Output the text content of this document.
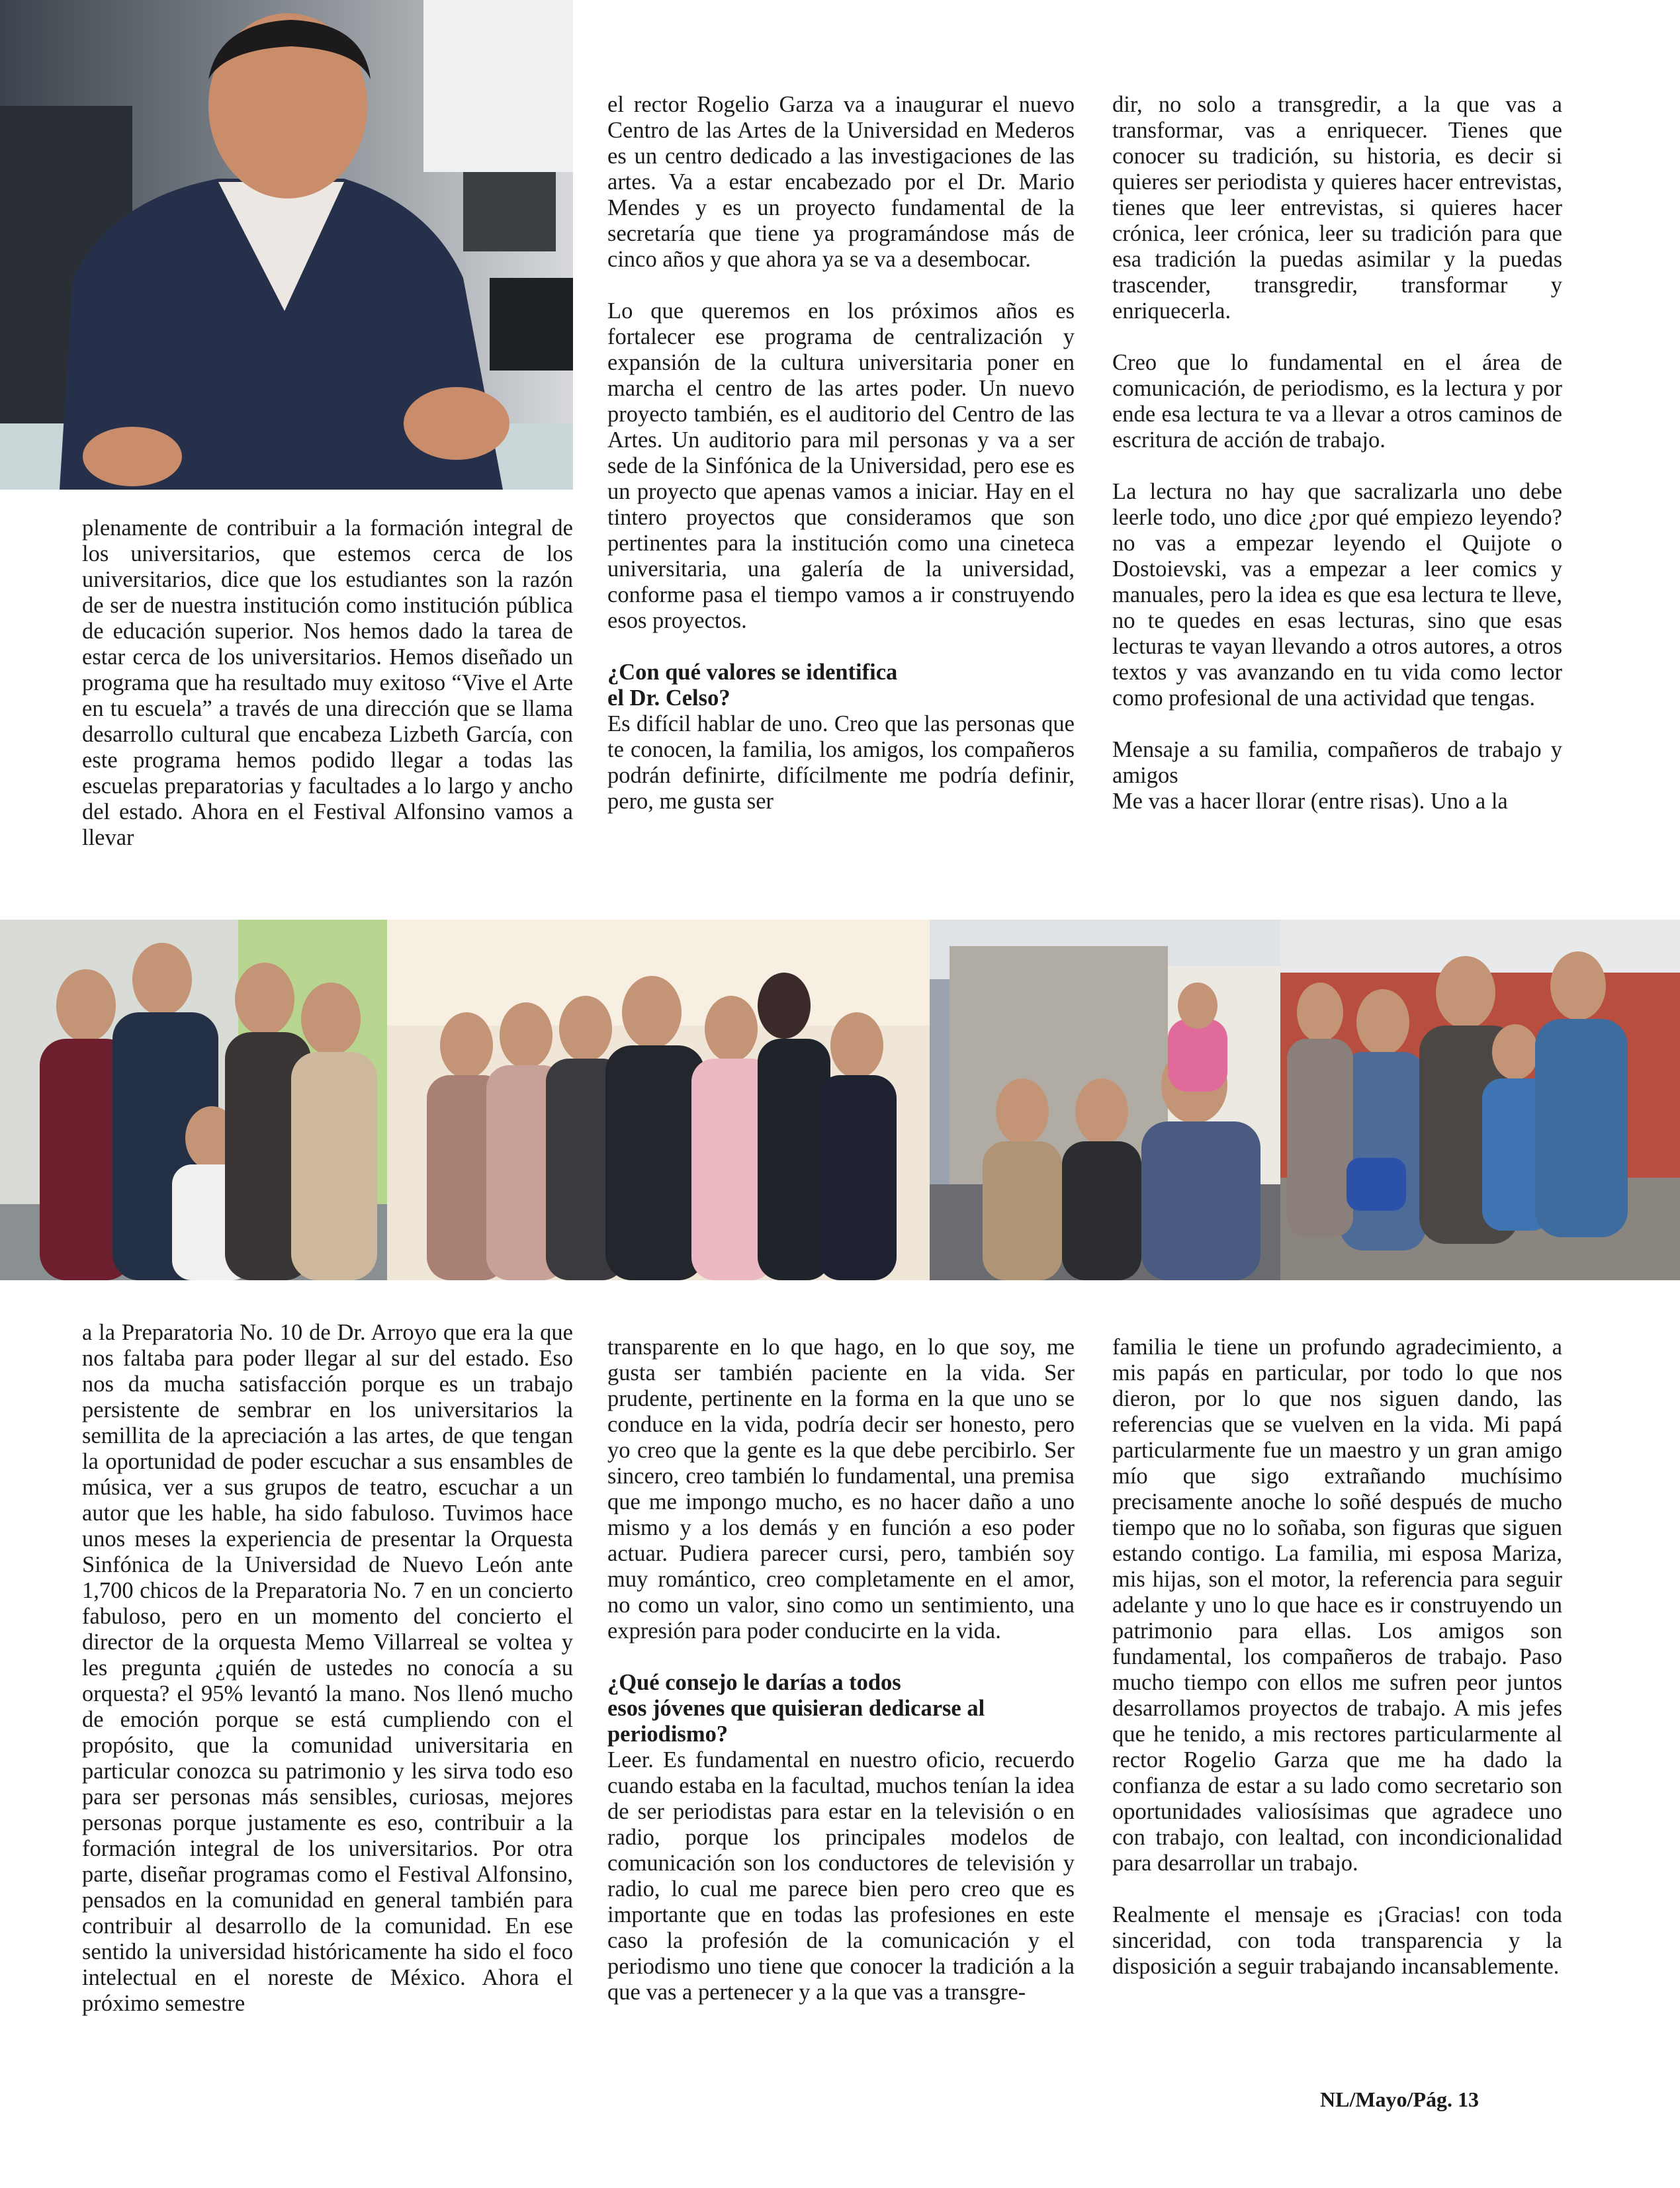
plenamente de contribuir a la formación integral de los universitarios, que estemos cerca de los universitarios, dice que los estudiantes son la razón de ser de nuestra institución como institución pública de educación superior. Nos hemos dado la tarea de estar cerca de los universitarios. Hemos diseñado un programa que ha resultado muy exitoso “Vive el Arte en tu escuela” a través de una dirección que se llama desarrollo cultural que encabeza Lizbeth García, con este programa hemos podido llegar a todas las escuelas preparatorias y facultades a lo largo y ancho del estado. Ahora en el Festival Alfonsino vamos a llevar

el rector Rogelio Garza va a inaugurar el nuevo Centro de las Artes de la Universidad en Mederos es un centro dedicado a las investigaciones de las artes. Va a estar encabezado por el Dr. Mario Mendes y es un proyecto fundamental de la secretaría que tiene ya programándose más de cinco años y que ahora ya se va a desembocar.

Lo que queremos en los próximos años es fortalecer ese programa de centralización y expansión de la cultura universitaria poner en marcha el centro de las artes poder. Un nuevo proyecto también, es el auditorio del Centro de las Artes. Un auditorio para mil personas y va a ser sede de la Sinfónica de la Universidad, pero ese es un proyecto que apenas vamos a iniciar. Hay en el tintero proyectos que consideramos que son pertinentes para la institución como una cineteca universitaria, una galería de la universidad, conforme pasa el tiempo vamos a ir construyendo esos proyectos.

¿Con qué valores se identifica
el Dr. Celso?

Es difícil hablar de uno. Creo que las personas que te conocen, la familia, los amigos, los compañeros podrán definirte, difícilmente me podría definir, pero, me gusta ser

dir, no solo a transgredir, a la que vas a transformar, vas a enriquecer. Tienes que conocer su tradición, su historia, es decir si quieres ser periodista y quieres hacer entrevistas, tienes que leer entrevistas, si quieres hacer crónica, leer crónica, leer su tradición para que esa tradición la puedas asimilar y la puedas trascender, transgredir, transformar y enriquecerla.

Creo que lo fundamental en el área de comunicación, de periodismo, es la lectura y por ende esa lectura te va a llevar a otros caminos de escritura de acción de trabajo.

La lectura no hay que sacralizarla uno debe leerle todo, uno dice ¿por qué empiezo leyendo? no vas a empezar leyendo el Quijote o Dostoievski, vas a empezar a leer comics y manuales, pero la idea es que esa lectura te lleve, no te quedes en esas lecturas, sino que esas lecturas te vayan llevando a otros autores, a otros textos y vas avanzando en tu vida como lector como profesional de una actividad que tengas.

Mensaje a su familia, compañeros de trabajo y amigos

Me vas a hacer llorar (entre risas). Uno a la

a la Preparatoria No. 10 de Dr. Arroyo que era la que nos faltaba para poder llegar al sur del estado. Eso nos da mucha satisfacción porque es un trabajo persistente de sembrar en los universitarios la semillita de la apreciación a las artes, de que tengan la oportunidad de poder escuchar a sus ensambles de música, ver a sus grupos de teatro, escuchar a un autor que les hable, ha sido fabuloso. Tuvimos hace unos meses la experiencia de presentar la Orquesta Sinfónica de la Universidad de Nuevo León ante 1,700 chicos de la Preparatoria No. 7 en un concierto fabuloso, pero en un momento del concierto el director de la orquesta Memo Villarreal se voltea y les pregunta ¿quién de ustedes no conocía a su orquesta? el 95% levantó la mano. Nos llenó mucho de emoción porque se está cumpliendo con el propósito, que la comunidad universitaria en particular conozca su patrimonio y les sirva todo eso para ser personas más sensibles, curiosas, mejores personas porque justamente es eso, contribuir a la formación integral de los universitarios. Por otra parte, diseñar programas como el Festival Alfonsino, pensados en la comunidad en general también para contribuir al desarrollo de la comunidad. En ese sentido la universidad históricamente ha sido el foco intelectual en el noreste de México. Ahora el próximo semestre

transparente en lo que hago, en lo que soy, me gusta ser también paciente en la vida. Ser prudente, pertinente en la forma en la que uno se conduce en la vida, podría decir ser honesto, pero yo creo que la gente es la que debe percibirlo. Ser sincero, creo también lo fundamental, una premisa que me impongo mucho, es no hacer daño a uno mismo y a los demás y en función a eso poder actuar. Pudiera parecer cursi, pero, también soy muy romántico, creo completamente en el amor, no como un valor, sino como un sentimiento, una expresión para poder conducirte en la vida.

¿Qué consejo le darías a todos
esos jóvenes que quisieran dedicarse al
periodismo?

Leer. Es fundamental en nuestro oficio, recuerdo cuando estaba en la facultad, muchos tenían la idea de ser periodistas para estar en la televisión o en radio, porque los principales modelos de comunicación son los conductores de televisión y radio, lo cual me parece bien pero creo que es importante que en todas las profesiones en este caso la profesión de la comunicación y el periodismo uno tiene que conocer la tradición a la que vas a pertenecer y a la que vas a transgre-

familia le tiene un profundo agradecimiento, a mis papás en particular, por todo lo que nos dieron, por lo que nos siguen dando, las referencias que se vuelven en la vida. Mi papá particularmente fue un maestro y un gran amigo mío que sigo extrañando muchísimo precisamente anoche lo soñé después de mucho tiempo que no lo soñaba, son figuras que siguen estando contigo. La familia, mi esposa Mariza, mis hijas, son el motor, la referencia para seguir adelante y uno lo que hace es ir construyendo un patrimonio para ellas. Los amigos son fundamental, los compañeros de trabajo. Paso mucho tiempo con ellos me sufren peor juntos desarrollamos proyectos de trabajo. A mis jefes que he tenido, a mis rectores particularmente al rector Rogelio Garza que me ha dado la confianza de estar a su lado como secretario son oportunidades valiosísimas que agradece uno con trabajo, con lealtad, con incondicionalidad para desarrollar un trabajo.

Realmente el mensaje es ¡Gracias! con toda sinceridad, con toda transparencia y la disposición a seguir trabajando incansablemente.

NL/Mayo/Pág. 13
